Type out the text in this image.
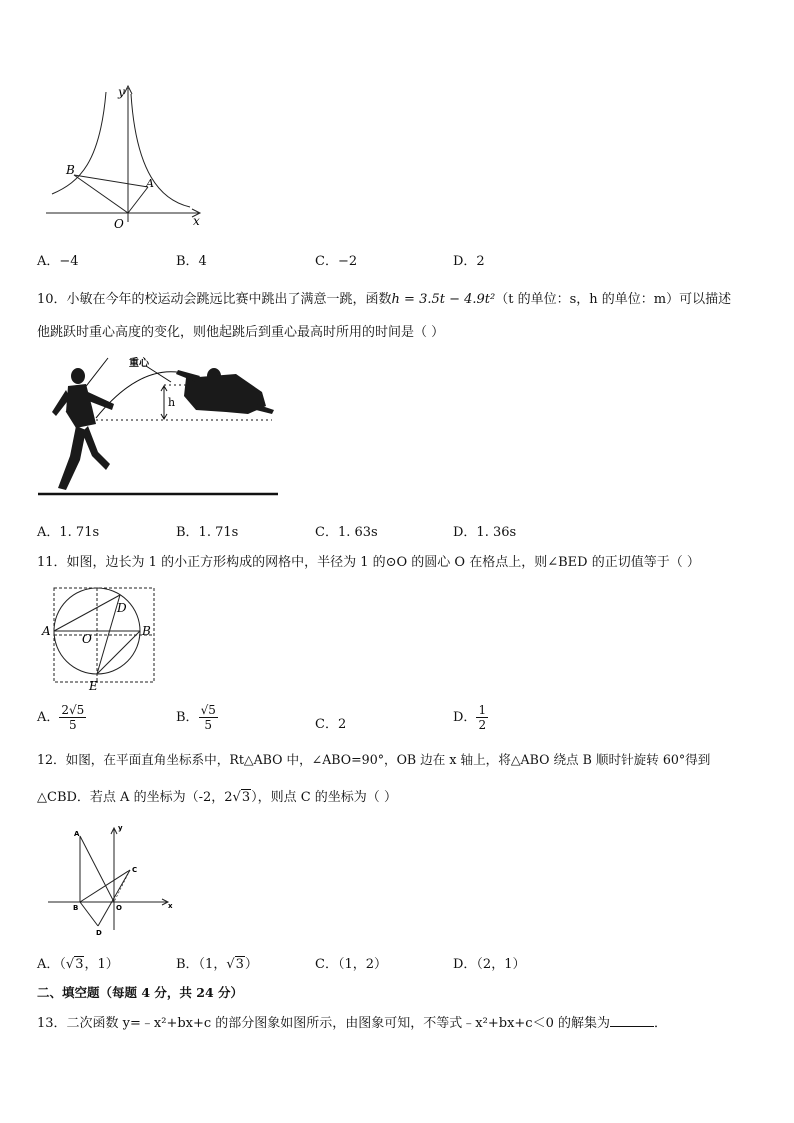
y
x
O
A
B
A．−4	B．4	C．−2	D．2
10．小敏在今年的校运动会跳远比赛中跳出了满意一跳，函数h = 3.5t − 4.9t²（t 的单位：s，h 的单位：m）可以描述
他跳跃时重心高度的变化，则他起跳后到重心最高时所用的时间是（ ）
h
重心
A．1. 71s	B．1. 71s	C．1. 63s	D．1. 36s
11．如图，边长为 1 的小正方形构成的网格中，半径为 1 的⊙O 的圆心 O 在格点上，则∠BED 的正切值等于（ ）
A	B
D
O
E
A． $\frac{2√5}{5}$	B． $\frac{√5}{5}$	C．2	D． $\frac{1}{2}$
12．如图，在平面直角坐标系中，Rt△ABO 中，∠ABO=90°，OB 边在 x 轴上，将△ABO 绕点 B 顺时针旋转 60°得到
△CBD．若点 A 的坐标为（-2，2√3），则点 C 的坐标为（ ）
A
B
C
D
O	x
y
A．（√3，1）	B．（1，√3）	C．（1，2）	D．（2，1）
二、填空题（每题 4 分，共 24 分）
13．二次函数 y=﹣x²+bx+c 的部分图象如图所示，由图象可知，不等式﹣x²+bx+c＜0 的解集为	．
